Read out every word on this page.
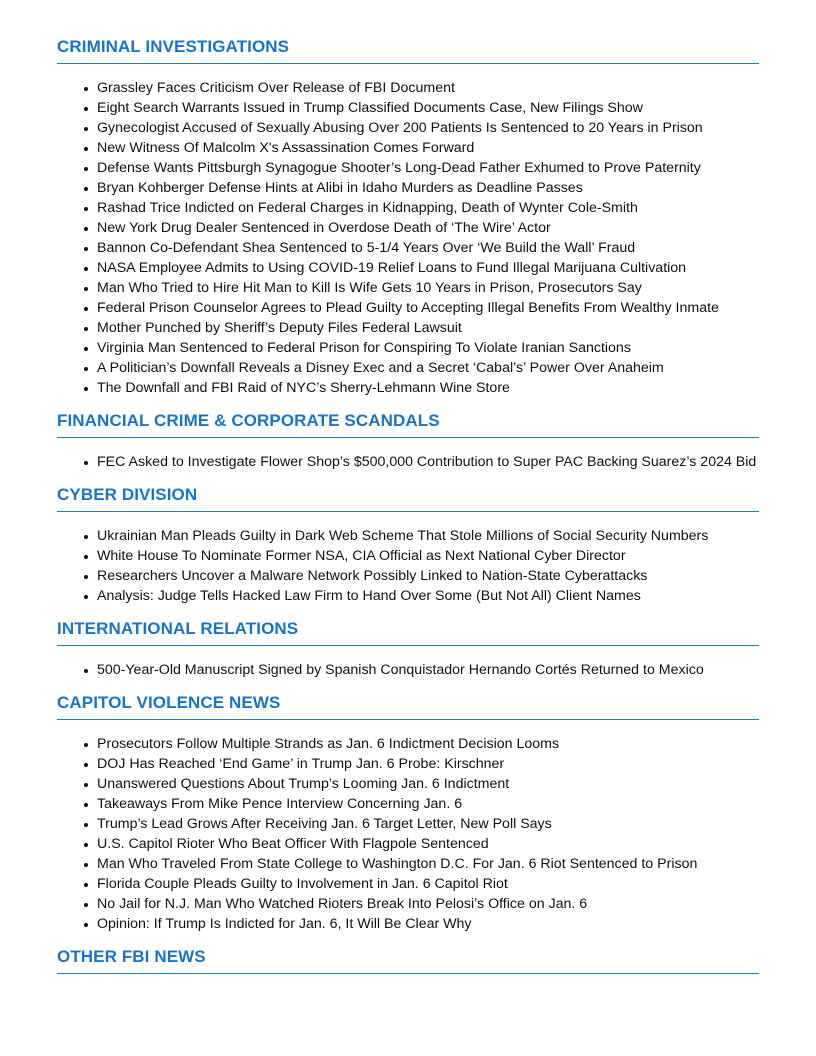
CRIMINAL INVESTIGATIONS
Grassley Faces Criticism Over Release of FBI Document
Eight Search Warrants Issued in Trump Classified Documents Case, New Filings Show
Gynecologist Accused of Sexually Abusing Over 200 Patients Is Sentenced to 20 Years in Prison
New Witness Of Malcolm X's Assassination Comes Forward
Defense Wants Pittsburgh Synagogue Shooter’s Long-Dead Father Exhumed to Prove Paternity
Bryan Kohberger Defense Hints at Alibi in Idaho Murders as Deadline Passes
Rashad Trice Indicted on Federal Charges in Kidnapping, Death of Wynter Cole-Smith
New York Drug Dealer Sentenced in Overdose Death of ‘The Wire’ Actor
Bannon Co-Defendant Shea Sentenced to 5-1/4 Years Over ‘We Build the Wall’ Fraud
NASA Employee Admits to Using COVID-19 Relief Loans to Fund Illegal Marijuana Cultivation
Man Who Tried to Hire Hit Man to Kill Is Wife Gets 10 Years in Prison, Prosecutors Say
Federal Prison Counselor Agrees to Plead Guilty to Accepting Illegal Benefits From Wealthy Inmate
Mother Punched by Sheriff’s Deputy Files Federal Lawsuit
Virginia Man Sentenced to Federal Prison for Conspiring To Violate Iranian Sanctions
A Politician’s Downfall Reveals a Disney Exec and a Secret ‘Cabal’s’ Power Over Anaheim
The Downfall and FBI Raid of NYC’s Sherry-Lehmann Wine Store
FINANCIAL CRIME & CORPORATE SCANDALS
FEC Asked to Investigate Flower Shop’s $500,000 Contribution to Super PAC Backing Suarez’s 2024 Bid
CYBER DIVISION
Ukrainian Man Pleads Guilty in Dark Web Scheme That Stole Millions of Social Security Numbers
White House To Nominate Former NSA, CIA Official as Next National Cyber Director
Researchers Uncover a Malware Network Possibly Linked to Nation-State Cyberattacks
Analysis: Judge Tells Hacked Law Firm to Hand Over Some (But Not All) Client Names
INTERNATIONAL RELATIONS
500-Year-Old Manuscript Signed by Spanish Conquistador Hernando Cortés Returned to Mexico
CAPITOL VIOLENCE NEWS
Prosecutors Follow Multiple Strands as Jan. 6 Indictment Decision Looms
DOJ Has Reached ‘End Game’ in Trump Jan. 6 Probe: Kirschner
Unanswered Questions About Trump’s Looming Jan. 6 Indictment
Takeaways From Mike Pence Interview Concerning Jan. 6
Trump’s Lead Grows After Receiving Jan. 6 Target Letter, New Poll Says
U.S. Capitol Rioter Who Beat Officer With Flagpole Sentenced
Man Who Traveled From State College to Washington D.C. For Jan. 6 Riot Sentenced to Prison
Florida Couple Pleads Guilty to Involvement in Jan. 6 Capitol Riot
No Jail for N.J. Man Who Watched Rioters Break Into Pelosi’s Office on Jan. 6
Opinion: If Trump Is Indicted for Jan. 6, It Will Be Clear Why
OTHER FBI NEWS
